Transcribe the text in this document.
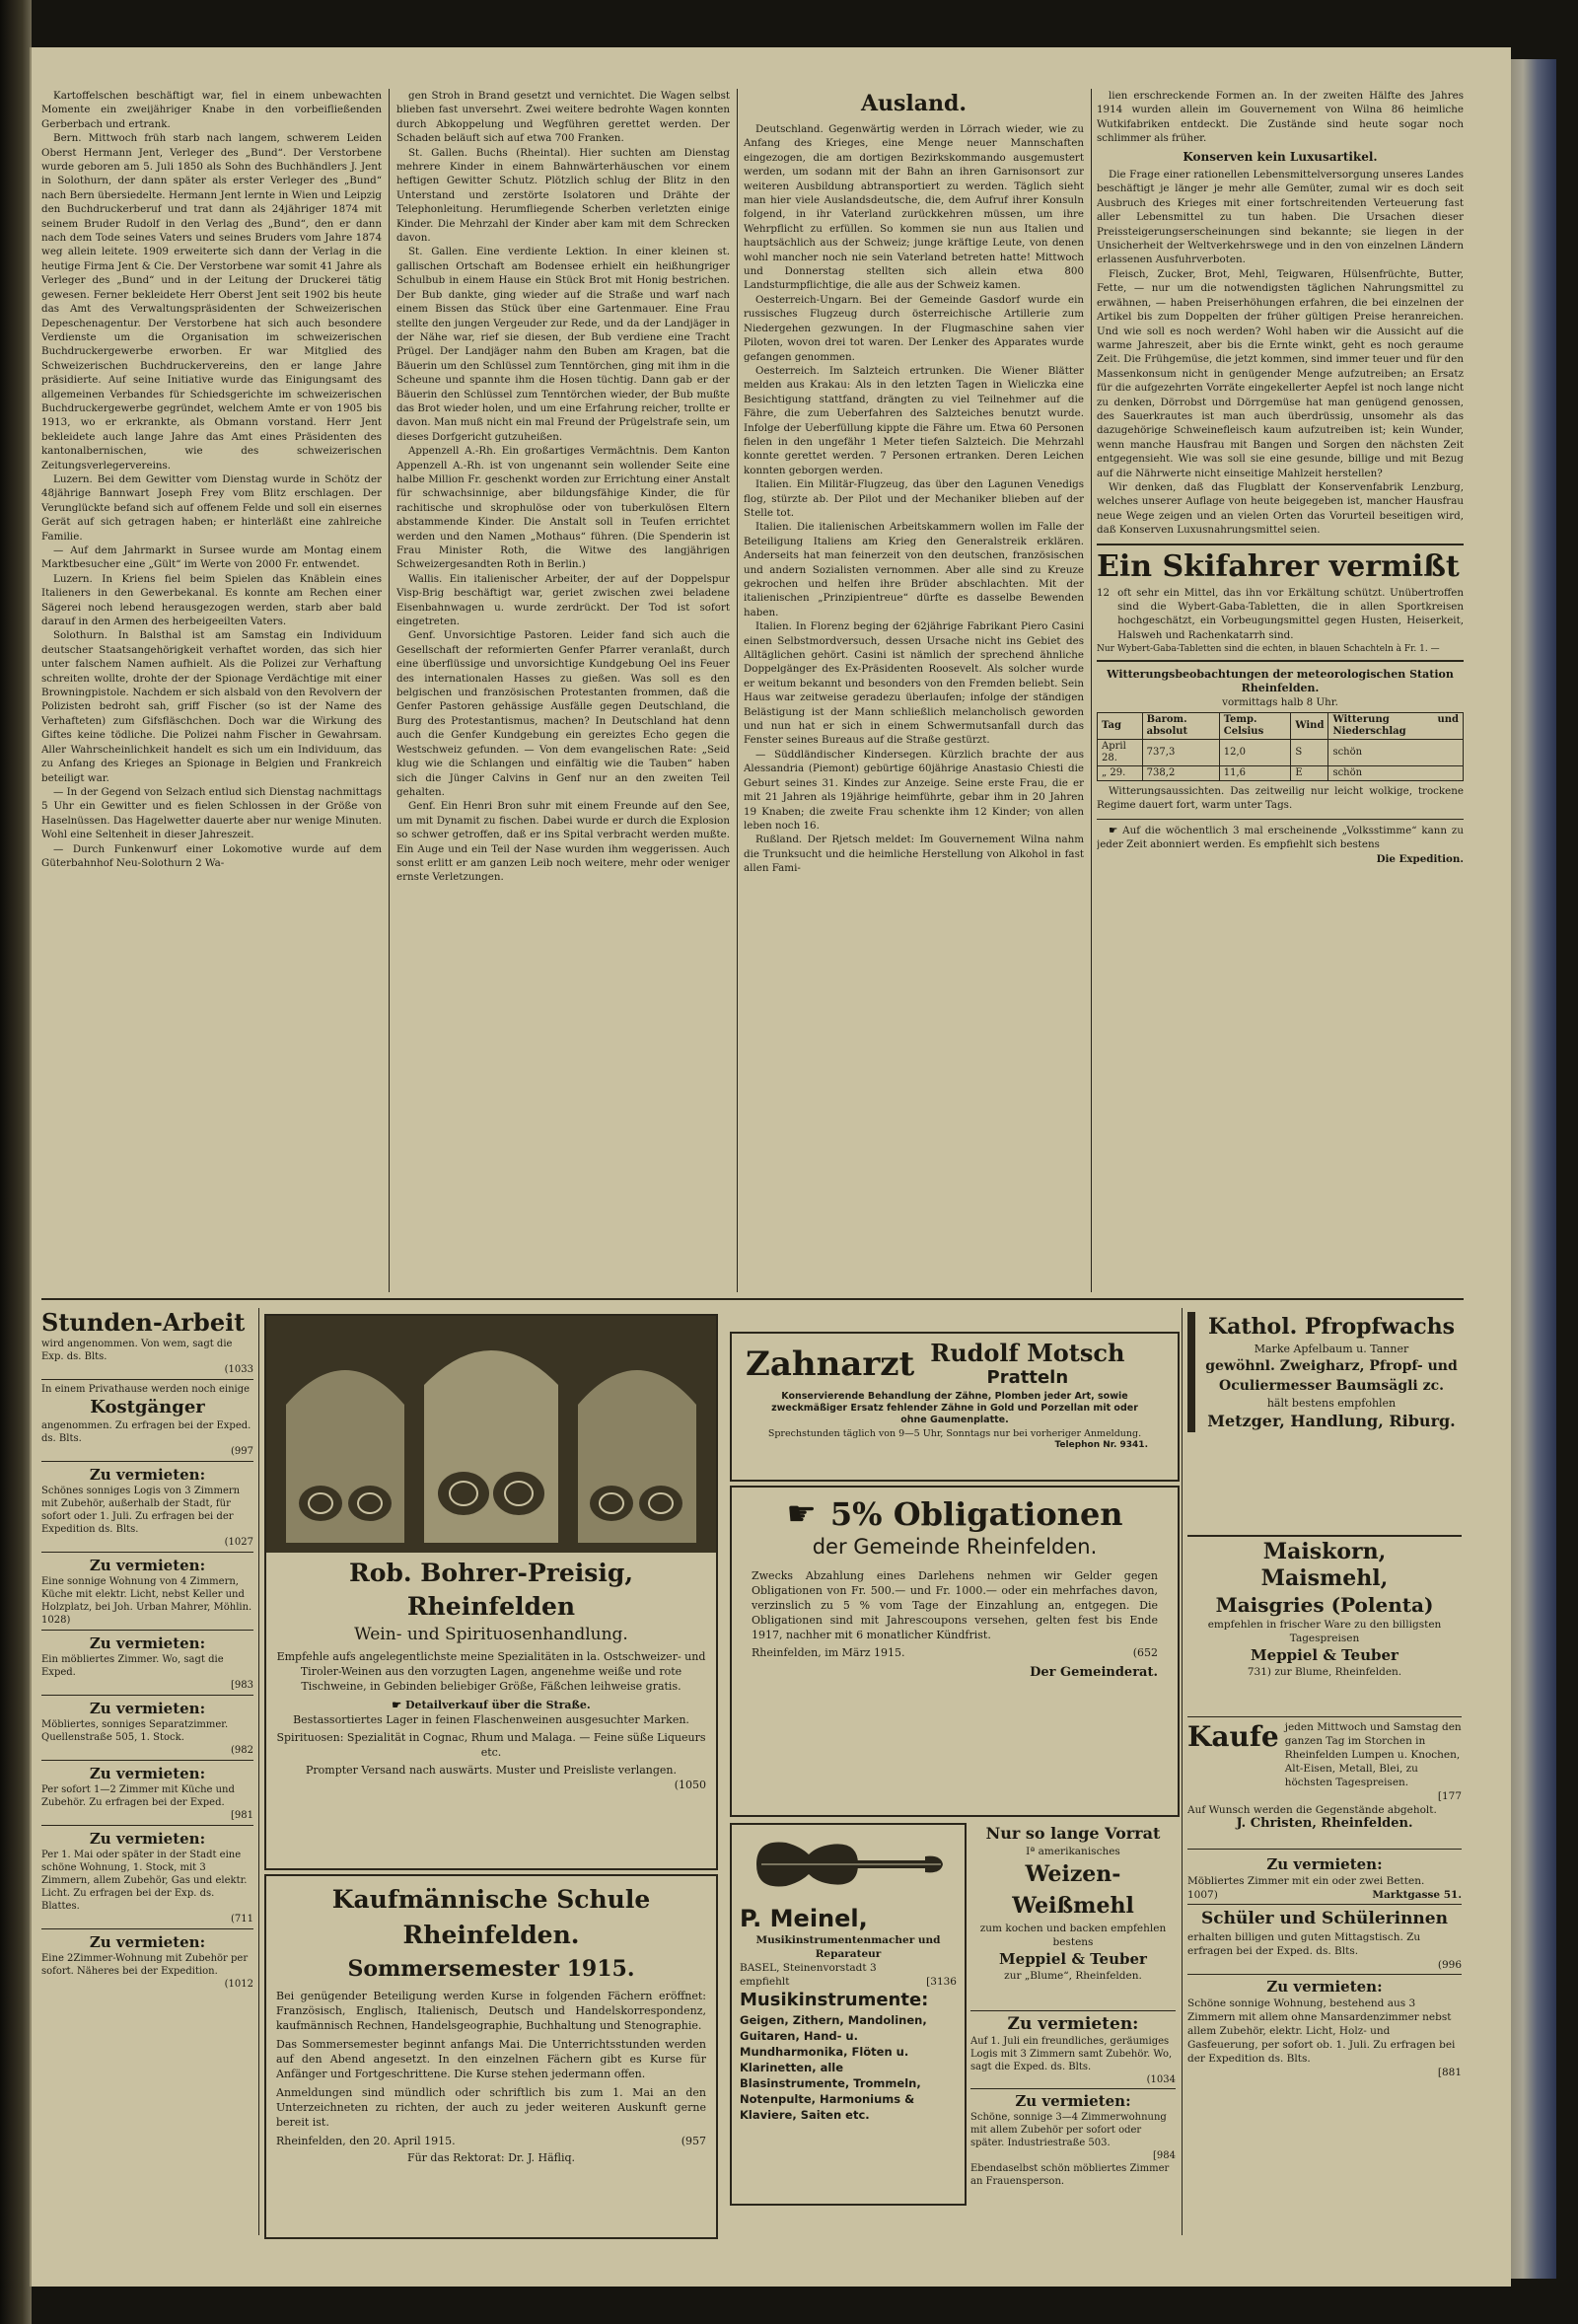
Kartoffelschen beschäftigt war, fiel in einem unbewachten Momente ein zweijähriger Knabe in den vorbeifließenden Gerberbach und ertrank.

Bern. Mittwoch früh starb nach langem, schwerem Leiden Oberst Hermann Jent, Verleger des „Bund“. Der Verstorbene wurde geboren am 5. Juli 1850 als Sohn des Buchhändlers J. Jent in Solothurn, der dann später als erster Verleger des „Bund“ nach Bern übersiedelte. Hermann Jent lernte in Wien und Leipzig den Buchdruckerberuf und trat dann als 24jähriger 1874 mit seinem Bruder Rudolf in den Verlag des „Bund“, den er dann nach dem Tode seines Vaters und seines Bruders vom Jahre 1874 weg allein leitete. 1909 erweiterte sich dann der Verlag in die heutige Firma Jent & Cie. Der Verstorbene war somit 41 Jahre als Verleger des „Bund“ und in der Leitung der Druckerei tätig gewesen. Ferner bekleidete Herr Oberst Jent seit 1902 bis heute das Amt des Verwaltungspräsidenten der Schweizerischen Depeschenagentur. Der Verstorbene hat sich auch besondere Verdienste um die Organisation im schweizerischen Buchdruckergewerbe erworben. Er war Mitglied des Schweizerischen Buchdruckervereins, den er lange Jahre präsidierte. Auf seine Initiative wurde das Einigungsamt des allgemeinen Verbandes für Schiedsgerichte im schweizerischen Buchdruckergewerbe gegründet, welchem Amte er von 1905 bis 1913, wo er erkrankte, als Obmann vorstand. Herr Jent bekleidete auch lange Jahre das Amt eines Präsidenten des kantonalbernischen, wie des schweizerischen Zeitungsverlegervereins.

Luzern. Bei dem Gewitter vom Dienstag wurde in Schötz der 48jährige Bannwart Joseph Frey vom Blitz erschlagen. Der Verunglückte befand sich auf offenem Felde und soll ein eisernes Gerät auf sich getragen haben; er hinterläßt eine zahlreiche Familie.

— Auf dem Jahrmarkt in Sursee wurde am Montag einem Marktbesucher eine „Gült“ im Werte von 2000 Fr. entwendet.

Luzern. In Kriens fiel beim Spielen das Knäblein eines Italieners in den Gewerbekanal. Es konnte am Rechen einer Sägerei noch lebend herausgezogen werden, starb aber bald darauf in den Armen des herbeigeeilten Vaters.

Solothurn. In Balsthal ist am Samstag ein Individuum deutscher Staatsangehörigkeit verhaftet worden, das sich hier unter falschem Namen aufhielt. Als die Polizei zur Verhaftung schreiten wollte, drohte der der Spionage Verdächtige mit einer Browningpistole. Nachdem er sich alsbald von den Revolvern der Polizisten bedroht sah, griff Fischer (so ist der Name des Verhafteten) zum Gifsfläschchen. Doch war die Wirkung des Giftes keine tödliche. Die Polizei nahm Fischer in Gewahrsam. Aller Wahrscheinlichkeit handelt es sich um ein Individuum, das zu Anfang des Krieges an Spionage in Belgien und Frankreich beteiligt war.

— In der Gegend von Selzach entlud sich Dienstag nachmittags 5 Uhr ein Gewitter und es fielen Schlossen in der Größe von Haselnüssen. Das Hagelwetter dauerte aber nur wenige Minuten. Wohl eine Seltenheit in dieser Jahreszeit.

— Durch Funkenwurf einer Lokomotive wurde auf dem Güterbahnhof Neu-Solothurn 2 Wa-

gen Stroh in Brand gesetzt und vernichtet. Die Wagen selbst blieben fast unversehrt. Zwei weitere bedrohte Wagen konnten durch Abkoppelung und Wegführen gerettet werden. Der Schaden beläuft sich auf etwa 700 Franken.

St. Gallen. Buchs (Rheintal). Hier suchten am Dienstag mehrere Kinder in einem Bahnwärterhäuschen vor einem heftigen Gewitter Schutz. Plötzlich schlug der Blitz in den Unterstand und zerstörte Isolatoren und Drähte der Telephonleitung. Herumfliegende Scherben verletzten einige Kinder. Die Mehrzahl der Kinder aber kam mit dem Schrecken davon.

St. Gallen. Eine verdiente Lektion. In einer kleinen st. gallischen Ortschaft am Bodensee erhielt ein heißhungriger Schulbub in einem Hause ein Stück Brot mit Honig bestrichen. Der Bub dankte, ging wieder auf die Straße und warf nach einem Bissen das Stück über eine Gartenmauer. Eine Frau stellte den jungen Vergeuder zur Rede, und da der Landjäger in der Nähe war, rief sie diesen, der Bub verdiene eine Tracht Prügel. Der Landjäger nahm den Buben am Kragen, bat die Bäuerin um den Schlüssel zum Tenntörchen, ging mit ihm in die Scheune und spannte ihm die Hosen tüchtig. Dann gab er der Bäuerin den Schlüssel zum Tenntörchen wieder, der Bub mußte das Brot wieder holen, und um eine Erfahrung reicher, trollte er davon. Man muß nicht ein mal Freund der Prügelstrafe sein, um dieses Dorfgericht gutzuheißen.

Appenzell A.-Rh. Ein großartiges Vermächtnis. Dem Kanton Appenzell A.-Rh. ist von ungenannt sein wollender Seite eine halbe Million Fr. geschenkt worden zur Errichtung einer Anstalt für schwachsinnige, aber bildungsfähige Kinder, die für rachitische und skrophulöse oder von tuberkulösen Eltern abstammende Kinder. Die Anstalt soll in Teufen errichtet werden und den Namen „Mothaus“ führen. (Die Spenderin ist Frau Minister Roth, die Witwe des langjährigen Schweizergesandten Roth in Berlin.)

Wallis. Ein italienischer Arbeiter, der auf der Doppelspur Visp-Brig beschäftigt war, geriet zwischen zwei beladene Eisenbahnwagen u. wurde zerdrückt. Der Tod ist sofort eingetreten.

Genf. Unvorsichtige Pastoren. Leider fand sich auch die Gesellschaft der reformierten Genfer Pfarrer veranlaßt, durch eine überflüssige und unvorsichtige Kundgebung Oel ins Feuer des internationalen Hasses zu gießen. Was soll es den belgischen und französischen Protestanten frommen, daß die Genfer Pastoren gehässige Ausfälle gegen Deutschland, die Burg des Protestantismus, machen? In Deutschland hat denn auch die Genfer Kundgebung ein gereiztes Echo gegen die Westschweiz gefunden. — Von dem evangelischen Rate: „Seid klug wie die Schlangen und einfältig wie die Tauben“ haben sich die Jünger Calvins in Genf nur an den zweiten Teil gehalten.

Genf. Ein Henri Bron suhr mit einem Freunde auf den See, um mit Dynamit zu fischen. Dabei wurde er durch die Explosion so schwer getroffen, daß er ins Spital verbracht werden mußte. Ein Auge und ein Teil der Nase wurden ihm weggerissen. Auch sonst erlitt er am ganzen Leib noch weitere, mehr oder weniger ernste Verletzungen.

Ausland.

Deutschland. Gegenwärtig werden in Lörrach wieder, wie zu Anfang des Krieges, eine Menge neuer Mannschaften eingezogen, die am dortigen Bezirkskommando ausgemustert werden, um sodann mit der Bahn an ihren Garnisonsort zur weiteren Ausbildung abtransportiert zu werden. Täglich sieht man hier viele Auslandsdeutsche, die, dem Aufruf ihrer Konsuln folgend, in ihr Vaterland zurückkehren müssen, um ihre Wehrpflicht zu erfüllen. So kommen sie nun aus Italien und hauptsächlich aus der Schweiz; junge kräftige Leute, von denen wohl mancher noch nie sein Vaterland betreten hatte! Mittwoch und Donnerstag stellten sich allein etwa 800 Landsturmpflichtige, die alle aus der Schweiz kamen.

Oesterreich-Ungarn. Bei der Gemeinde Gasdorf wurde ein russisches Flugzeug durch österreichische Artillerie zum Niedergehen gezwungen. In der Flugmaschine sahen vier Piloten, wovon drei tot waren. Der Lenker des Apparates wurde gefangen genommen.

Oesterreich. Im Salzteich ertrunken. Die Wiener Blätter melden aus Krakau: Als in den letzten Tagen in Wieliczka eine Besichtigung stattfand, drängten zu viel Teilnehmer auf die Fähre, die zum Ueberfahren des Salzteiches benutzt wurde. Infolge der Ueberfüllung kippte die Fähre um. Etwa 60 Personen fielen in den ungefähr 1 Meter tiefen Salzteich. Die Mehrzahl konnte gerettet werden. 7 Personen ertranken. Deren Leichen konnten geborgen werden.

Italien. Ein Militär-Flugzeug, das über den Lagunen Venedigs flog, stürzte ab. Der Pilot und der Mechaniker blieben auf der Stelle tot.

Italien. Die italienischen Arbeitskammern wollen im Falle der Beteiligung Italiens am Krieg den Generalstreik erklären. Anderseits hat man feinerzeit von den deutschen, französischen und andern Sozialisten vernommen. Aber alle sind zu Kreuze gekrochen und helfen ihre Brüder abschlachten. Mit der italienischen „Prinzipientreue“ dürfte es dasselbe Bewenden haben.

Italien. In Florenz beging der 62jährige Fabrikant Piero Casini einen Selbstmordversuch, dessen Ursache nicht ins Gebiet des Alltäglichen gehört. Casini ist nämlich der sprechend ähnliche Doppelgänger des Ex-Präsidenten Roosevelt. Als solcher wurde er weitum bekannt und besonders von den Fremden beliebt. Sein Haus war zeitweise geradezu überlaufen; infolge der ständigen Belästigung ist der Mann schließlich melancholisch geworden und nun hat er sich in einem Schwermutsanfall durch das Fenster seines Bureaus auf die Straße gestürzt.

— Süddländischer Kindersegen. Kürzlich brachte der aus Alessandria (Piemont) gebürtige 60jährige Anastasio Chiesti die Geburt seines 31. Kindes zur Anzeige. Seine erste Frau, die er mit 21 Jahren als 19jährige heimführte, gebar ihm in 20 Jahren 19 Knaben; die zweite Frau schenkte ihm 12 Kinder; von allen leben noch 16.

Rußland. Der Rjetsch meldet: Im Gouvernement Wilna nahm die Trunksucht und die heimliche Herstellung von Alkohol in fast allen Fami-

lien erschreckende Formen an. In der zweiten Hälfte des Jahres 1914 wurden allein im Gouvernement von Wilna 86 heimliche Wutkifabriken entdeckt. Die Zustände sind heute sogar noch schlimmer als früher.

Konserven kein Luxusartikel.

Die Frage einer rationellen Lebensmittelversorgung unseres Landes beschäftigt je länger je mehr alle Gemüter, zumal wir es doch seit Ausbruch des Krieges mit einer fortschreitenden Verteuerung fast aller Lebensmittel zu tun haben. Die Ursachen dieser Preissteigerungserscheinungen sind bekannte; sie liegen in der Unsicherheit der Weltverkehrswege und in den von einzelnen Ländern erlassenen Ausfuhrverboten.

Fleisch, Zucker, Brot, Mehl, Teigwaren, Hülsenfrüchte, Butter, Fette, — nur um die notwendigsten täglichen Nahrungsmittel zu erwähnen, — haben Preiserhöhungen erfahren, die bei einzelnen der Artikel bis zum Doppelten der früher gültigen Preise heranreichen. Und wie soll es noch werden? Wohl haben wir die Aussicht auf die warme Jahreszeit, aber bis die Ernte winkt, geht es noch geraume Zeit. Die Frühgemüse, die jetzt kommen, sind immer teuer und für den Massenkonsum nicht in genügender Menge aufzutreiben; an Ersatz für die aufgezehrten Vorräte eingekellerter Aepfel ist noch lange nicht zu denken, Dörrobst und Dörrgemüse hat man genügend genossen, des Sauerkrautes ist man auch überdrüssig, unsomehr als das dazugehörige Schweinefleisch kaum aufzutreiben ist; kein Wunder, wenn manche Hausfrau mit Bangen und Sorgen den nächsten Zeit entgegensieht. Wie was soll sie eine gesunde, billige und mit Bezug auf die Nährwerte nicht einseitige Mahlzeit herstellen?

Wir denken, daß das Flugblatt der Konservenfabrik Lenzburg, welches unserer Auflage von heute beigegeben ist, mancher Hausfrau neue Wege zeigen und an vielen Orten das Vorurteil beseitigen wird, daß Konserven Luxusnahrungsmittel seien.

Ein Skifahrer vermißt
12 oft sehr ein Mittel, das ihn vor Erkältung schützt. Unübertroffen sind die Wybert-Gaba-Tabletten, die in allen Sportkreisen hochgeschätzt, ein Vorbeugungsmittel gegen Husten, Heiserkeit, Halsweh und Rachenkatarrh sind.
Nur Wybert-Gaba-Tabletten sind die echten, in blauen Schachteln à Fr. 1. —
Witterungsbeobachtungen der meteorologischen Station Rheinfelden.
vormittags halb 8 Uhr.
Tag	Barom. absolut	Temp. Celsius	Wind	Witterung und Niederschlag
April 28.	737,3	12,0	S	schön
„ 29.	738,2	11,6	E	schön

Witterungsaussichten. Das zeitweilig nur leicht wolkige, trockene Regime dauert fort, warm unter Tags.

☛ Auf die wöchentlich 3 mal erscheinende „Volksstimme“ kann zu jeder Zeit abonniert werden. Es empfiehlt sich bestens

Die Expedition.
Stunden-Arbeit
wird angenommen. Von wem, sagt die Exp. ds. Blts.
(1033
In einem Privathause werden noch einige
Kostgänger
angenommen. Zu erfragen bei der Exped. ds. Blts.
(997
Zu vermieten:
Schönes sonniges Logis von 3 Zimmern mit Zubehör, außerhalb der Stadt, für sofort oder 1. Juli. Zu erfragen bei der Expedition ds. Blts.
(1027
Zu vermieten:
Eine sonnige Wohnung von 4 Zimmern, Küche mit elektr. Licht, nebst Keller und Holzplatz, bei Joh. Urban Mahrer, Möhlin.
1028)
Zu vermieten:
Ein möbliertes Zimmer. Wo, sagt die Exped.
[983
Zu vermieten:
Möbliertes, sonniges Separatzimmer. Quellenstraße 505, 1. Stock.
(982
Zu vermieten:
Per sofort 1—2 Zimmer mit Küche und Zubehör. Zu erfragen bei der Exped.
[981
Zu vermieten:
Per 1. Mai oder später in der Stadt eine schöne Wohnung, 1. Stock, mit 3 Zimmern, allem Zubehör, Gas und elektr. Licht. Zu erfragen bei der Exp. ds. Blattes.
(711
Zu vermieten:
Eine 2Zimmer-Wohnung mit Zubehör per sofort. Näheres bei der Expedition.
(1012
Rob. Bohrer-Preisig, Rheinfelden
Wein- und Spirituosenhandlung.
Empfehle aufs angelegentlichste meine Spezialitäten in la. Ostschweizer- und Tiroler-Weinen aus den vorzugten Lagen, angenehme weiße und rote Tischweine, in Gebinden beliebiger Größe, Fäßchen leihweise gratis.
☛ Detailverkauf über die Straße.
Bestassortiertes Lager in feinen Flaschenweinen ausgesuchter Marken.
Spirituosen: Spezialität in Cognac, Rhum und Malaga. — Feine süße Liqueurs etc.
Prompter Versand nach auswärts. Muster und Preisliste verlangen.
(1050
Kaufmännische Schule Rheinfelden.
Sommersemester 1915.
Bei genügender Beteiligung werden Kurse in folgenden Fächern eröffnet: Französisch, Englisch, Italienisch, Deutsch und Handelskorrespondenz, kaufmännisch Rechnen, Handelsgeographie, Buchhaltung und Stenographie.
Das Sommersemester beginnt anfangs Mai. Die Unterrichtsstunden werden auf den Abend angesetzt. In den einzelnen Fächern gibt es Kurse für Anfänger und Fortgeschrittene. Die Kurse stehen jedermann offen.
Anmeldungen sind mündlich oder schriftlich bis zum 1. Mai an den Unterzeichneten zu richten, der auch zu jeder weiteren Auskunft gerne bereit ist.
Rheinfelden, den 20. April 1915.	(957
Für das Rektorat: Dr. J. Häfliq.
Zahnarzt Rudolf Motsch
Pratteln
Konservierende Behandlung der Zähne, Plomben jeder Art, sowie zweckmäßiger Ersatz fehlender Zähne in Gold und Porzellan mit oder ohne Gaumenplatte.
Sprechstunden täglich von 9—5 Uhr, Sonntags nur bei vorheriger Anmeldung.
Telephon Nr. 9341.
☛ 5% Obligationen
der Gemeinde Rheinfelden.
Zwecks Abzahlung eines Darlehens nehmen wir Gelder gegen Obligationen von Fr. 500.— und Fr. 1000.— oder ein mehrfaches davon, verzinslich zu 5 % vom Tage der Einzahlung an, entgegen. Die Obligationen sind mit Jahrescoupons versehen, gelten fest bis Ende 1917, nachher mit 6 monatlicher Kündfrist.
Rheinfelden, im März 1915.	(652
Der Gemeinderat.
P. Meinel,
Musikinstrumentenmacher und Reparateur
BASEL, Steinenvorstadt 3
empfiehlt	[3136
Musikinstrumente:
Geigen, Zithern, Mandolinen, Guitaren, Hand- u. Mundharmonika, Flöten u. Klarinetten, alle Blasinstrumente, Trommeln, Notenpulte, Harmoniums & Klaviere, Saiten etc.
Nur so lange Vorrat
Iª amerikanisches
Weizen-Weißmehl
zum kochen und backen empfehlen bestens
Meppiel & Teuber
zur „Blume“, Rheinfelden.
Zu vermieten:
Auf 1. Juli ein freundliches, geräumiges Logis mit 3 Zimmern samt Zubehör. Wo, sagt die Exped. ds. Blts.
(1034
Zu vermieten:
Schöne, sonnige 3—4 Zimmerwohnung mit allem Zubehör per sofort oder später. Industriestraße 503.
[984
Ebendaselbst schön möbliertes Zimmer an Frauensperson.
Kathol. Pfropfwachs
Marke Apfelbaum u. Tanner
gewöhnl. Zweigharz, Pfropf- und Oculiermesser Baumsägli zc.
hält bestens empfohlen
Metzger, Handlung, Riburg.
Maiskorn,
Maismehl,
Maisgries (Polenta)
empfehlen in frischer Ware zu den billigsten Tagespreisen
Meppiel & Teuber
731) zur Blume, Rheinfelden.
Kaufe jeden Mittwoch und Samstag den ganzen Tag im Storchen in Rheinfelden Lumpen u. Knochen, Alt-Eisen, Metall, Blei, zu höchsten Tagespreisen.
[177
Auf Wunsch werden die Gegenstände abgeholt.
J. Christen, Rheinfelden.
Zu vermieten:
Möbliertes Zimmer mit ein oder zwei Betten.
1007)	Marktgasse 51.
Schüler und Schülerinnen
erhalten billigen und guten Mittagstisch. Zu erfragen bei der Exped. ds. Blts.
(996
Zu vermieten:
Schöne sonnige Wohnung, bestehend aus 3 Zimmern mit allem ohne Mansardenzimmer nebst allem Zubehör, elektr. Licht, Holz- und Gasfeuerung, per sofort ob. 1. Juli. Zu erfragen bei der Expedition ds. Blts.
[881
